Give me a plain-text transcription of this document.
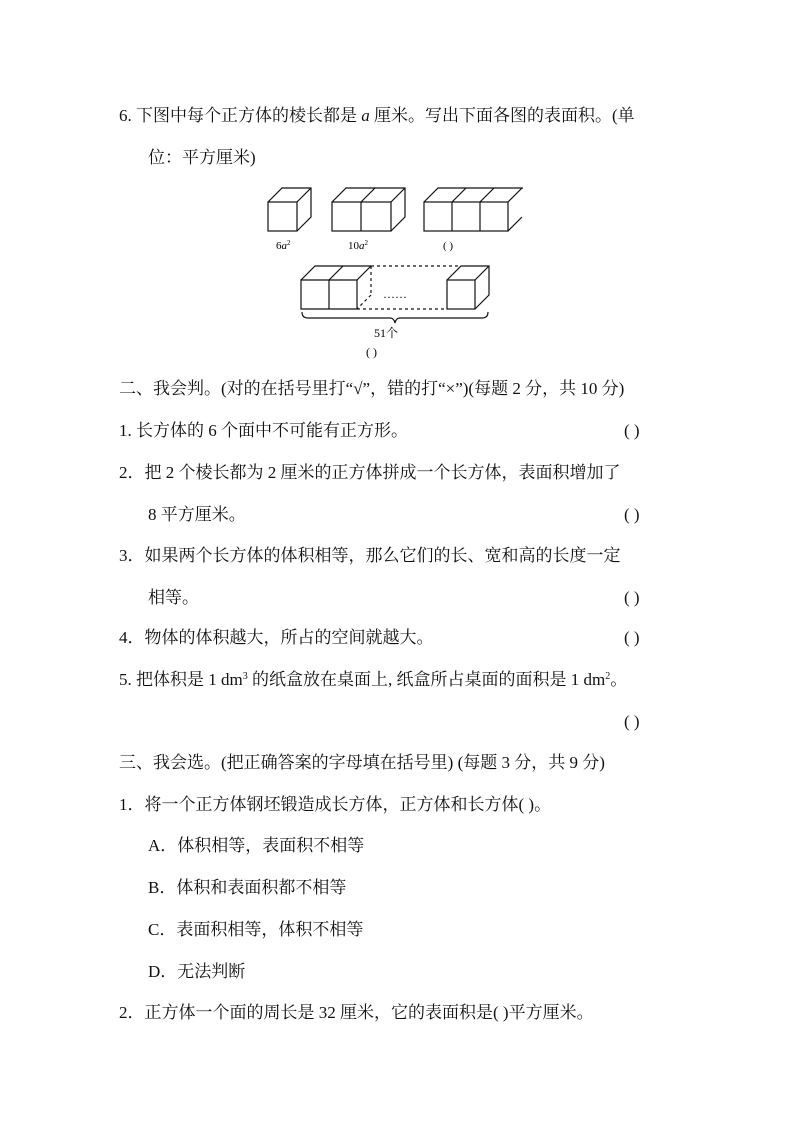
6. 下图中每个正方体的棱长都是 a 厘米。写出下面各图的表面积。(单
位：平方厘米)
$6a^2$	$10a^2$	( )
……
51个
( )
二、我会判。(对的在括号里打“√”，错的打“×”)(每题 2 分，共 10 分)
1. 长方体的 6 个面中不可能有正方形。	( )
2．把 2 个棱长都为 2 厘米的正方体拼成一个长方体，表面积增加了
8 平方厘米。	( )
3．如果两个长方体的体积相等，那么它们的长、宽和高的长度一定
相等。	( )
4．物体的体积越大，所占的空间就越大。	( )
5. 把体积是 1 $dm^3$ 的纸盒放在桌面上, 纸盒所占桌面的面积是 1 $dm^2$。
( )
三、我会选。(把正确答案的字母填在括号里) (每题 3 分，共 9 分)
1．将一个正方体钢坯锻造成长方体，正方体和长方体( )。
A．体积相等，表面积不相等
B．体积和表面积都不相等
C．表面积相等，体积不相等
D．无法判断
2．正方体一个面的周长是 32 厘米，它的表面积是( )平方厘米。
